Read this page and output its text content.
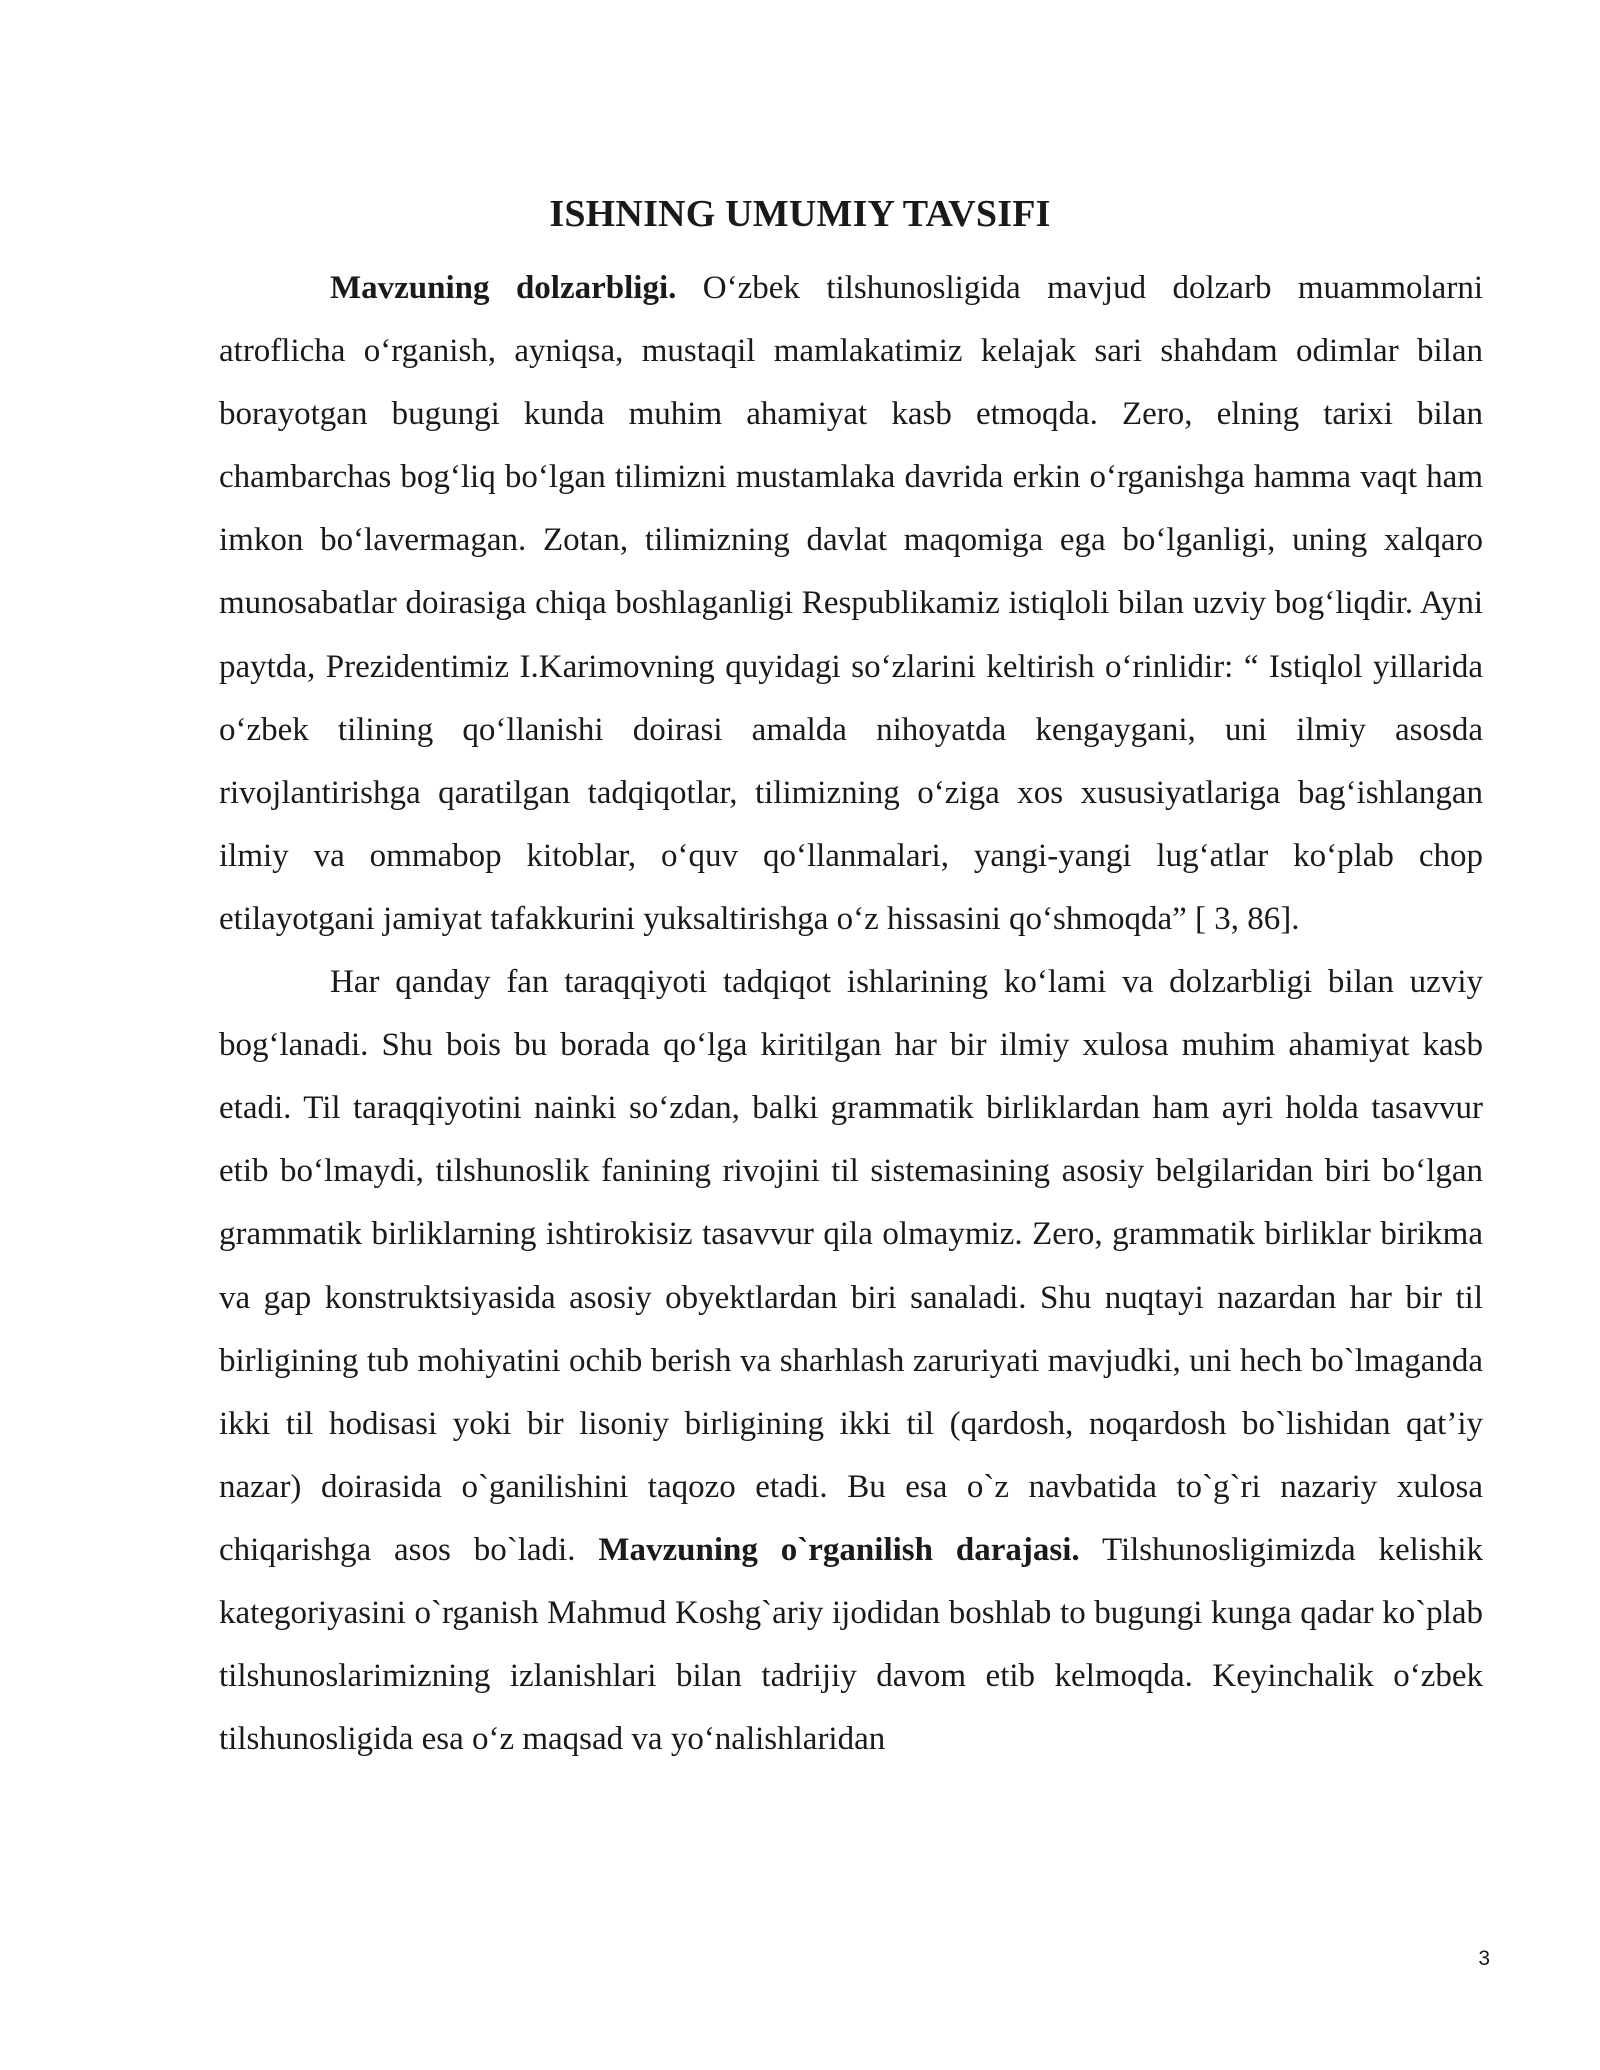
ISHNING UMUMIY TAVSIFI

Mavzuning dolzarbligi. O‘zbek tilshunosligida mavjud dolzarb muammolarni atroflicha o‘rganish, ayniqsa, mustaqil mamlakatimiz kelajak sari shahdam odimlar bilan borayotgan bugungi kunda muhim ahamiyat kasb etmoqda. Zero, elning tarixi bilan chambarchas bog‘liq bo‘lgan tilimizni mustamlaka davrida erkin o‘rganishga hamma vaqt ham imkon bo‘lavermagan. Zotan, tilimizning davlat maqomiga ega bo‘lganligi, uning xalqaro munosabatlar doirasiga chiqa boshlaganligi Respublikamiz istiqloli bilan uzviy bog‘liqdir. Ayni paytda, Prezidentimiz I.Karimovning quyidagi so‘zlarini keltirish o‘rinlidir: “ Istiqlol yillarida o‘zbek tilining qo‘llanishi doirasi amalda nihoyatda kengaygani, uni ilmiy asosda rivojlantirishga qaratilgan tadqiqotlar, tilimizning o‘ziga xos xususiyatlariga bag‘ishlangan ilmiy va ommabop kitoblar, o‘quv qo‘llanmalari, yangi-yangi lug‘atlar ko‘plab chop etilayotgani jamiyat tafakkurini yuksaltirishga o‘z hissasini qo‘shmoqda” [ 3, 86].

Har qanday fan taraqqiyoti tadqiqot ishlarining ko‘lami va dolzarbligi bilan uzviy bog‘lanadi. Shu bois bu borada qo‘lga kiritilgan har bir ilmiy xulosa muhim ahamiyat kasb etadi. Til taraqqiyotini nainki so‘zdan, balki grammatik birliklardan ham ayri holda tasavvur etib bo‘lmaydi, tilshunoslik fanining rivojini til sistemasining asosiy belgilaridan biri bo‘lgan grammatik birliklarning ishtirokisiz tasavvur qila olmaymiz. Zero, grammatik birliklar birikma va gap konstruktsiyasida asosiy obyektlardan biri sanaladi. Shu nuqtayi nazardan har bir til birligining tub mohiyatini ochib berish va sharhlash zaruriyati mavjudki, uni hech bo`lmaganda ikki til hodisasi yoki bir lisoniy birligining ikki til (qardosh, noqardosh bo`lishidan qat’iy nazar) doirasida o`ganilishini taqozo etadi. Bu esa o`z navbatida to`g`ri nazariy xulosa chiqarishga asos bo`ladi. Mavzuning o`rganilish darajasi. Tilshunosligimizda kelishik kategoriyasini o`rganish Mahmud Koshg`ariy ijodidan boshlab to bugungi kunga qadar ko`plab tilshunoslarimizning izlanishlari bilan tadrijiy davom etib kelmoqda. Keyinchalik o‘zbek tilshunosligida esa o‘z maqsad va yo‘nalishlaridan

3
